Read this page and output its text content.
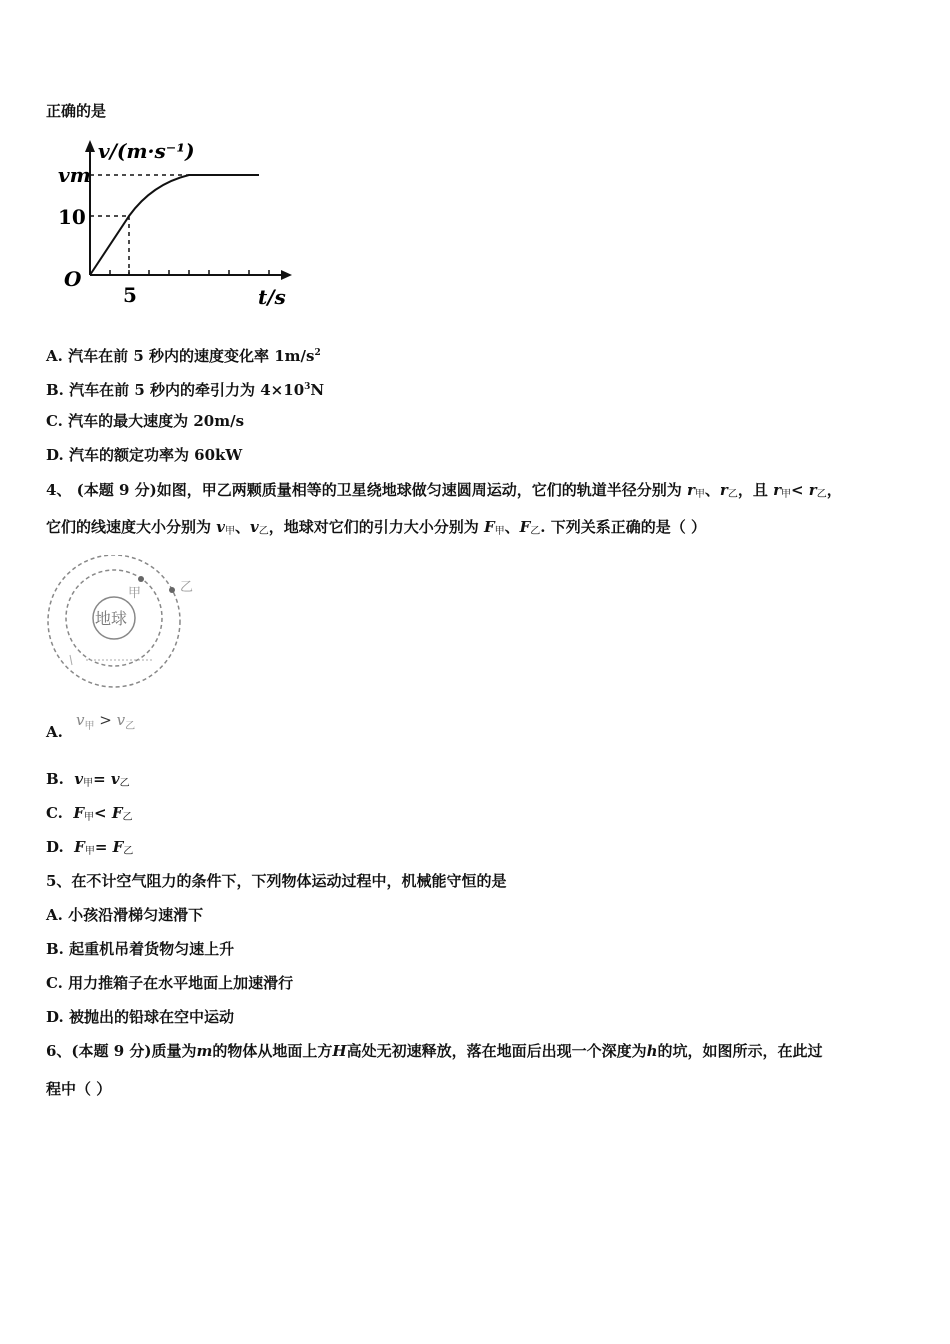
正确的是
v/(m·s⁻¹)
vm
10
O
5	t/s
A. 汽车在前 5 秒内的速度变化率 $1m/s^2$
B. 汽车在前 5 秒内的牵引力为 $4\times 10^3N$
C. 汽车的最大速度为 20m/s
D. 汽车的额定功率为 60kW
4、 (本题 9 分)如图，甲乙两颗质量相等的卫星绕地球做匀速圆周运动，它们的轨道半径分别为 $r_甲$、$r_乙$，且 $r_甲< r_乙$，
它们的线速度大小分别为 $v_甲$、$v_乙$，地球对它们的引力大小分别为 $F_甲$、$F_乙$. 下列关系正确的是（ ）
地球
甲	乙
A.
$v_甲 > v_乙$
B. $v_甲= v_乙$
C. $F_甲< F_乙$
D. $F_甲= F_乙$
5、在不计空气阻力的条件下，下列物体运动过程中，机械能守恒的是
A. 小孩沿滑梯匀速滑下
B. 起重机吊着货物匀速上升
C. 用力推箱子在水平地面上加速滑行
D. 被抛出的铅球在空中运动
6、(本题 9 分)质量为m的物体从地面上方H高处无初速释放，落在地面后出现一个深度为h的坑，如图所示，在此过
程中（ ）
